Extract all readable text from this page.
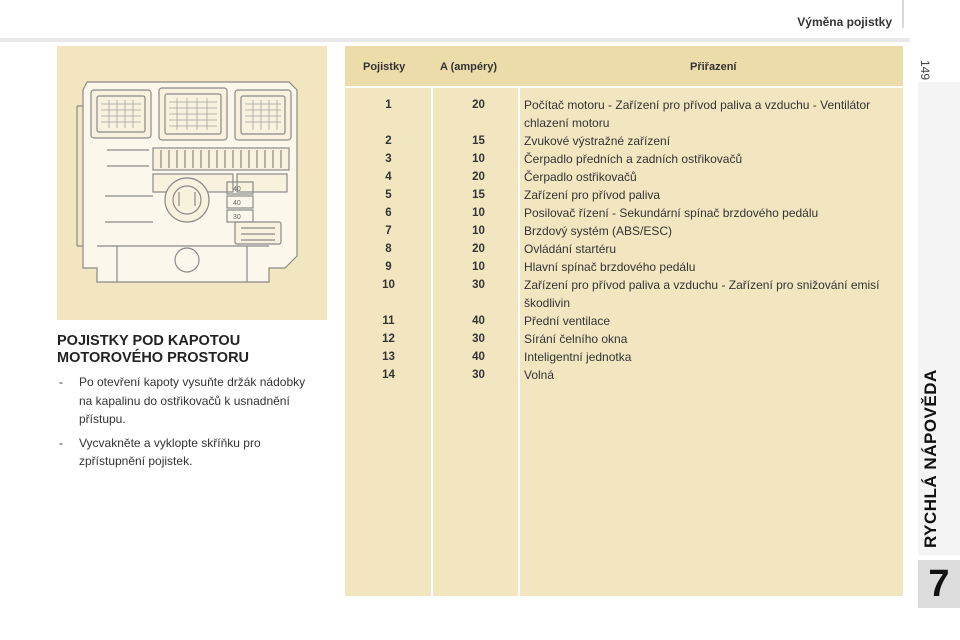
Výměna pojistky
149
RYCHLÁ NÁPOVĚDA
7
40
40
30
POJISTKY POD KAPOTOU MOTOROVÉHO PROSTORU
- Po otevření kapoty vysuňte držák nádobky na kapalinu do ostřikovačů k usnadnění přístupu.
- Vycvakněte a vyklopte skříňku pro zpřístupnění pojistek.
Pojistky	A (ampéry)	Přiřazení
1	20	Počítač motoru - Zařízení pro přívod paliva a vzduchu - Ventilátor chlazení motoru
2	15	Zvukové výstražné zařízení
3	10	Čerpadlo předních a zadních ostřikovačů
4	20	Čerpadlo ostřikovačů
5	15	Zařízení pro přívod paliva
6	10	Posilovač řízení - Sekundární spínač brzdového pedálu
7	10	Brzdový systém (ABS/ESC)
8	20	Ovládání startéru
9	10	Hlavní spínač brzdového pedálu
10	30	Zařízení pro přívod paliva a vzduchu - Zařízení pro snižování emisí škodlivin
11	40	Přední ventilace
12	30	Sírání čelního okna
13	40	Inteligentní jednotka
14	30	Volná
